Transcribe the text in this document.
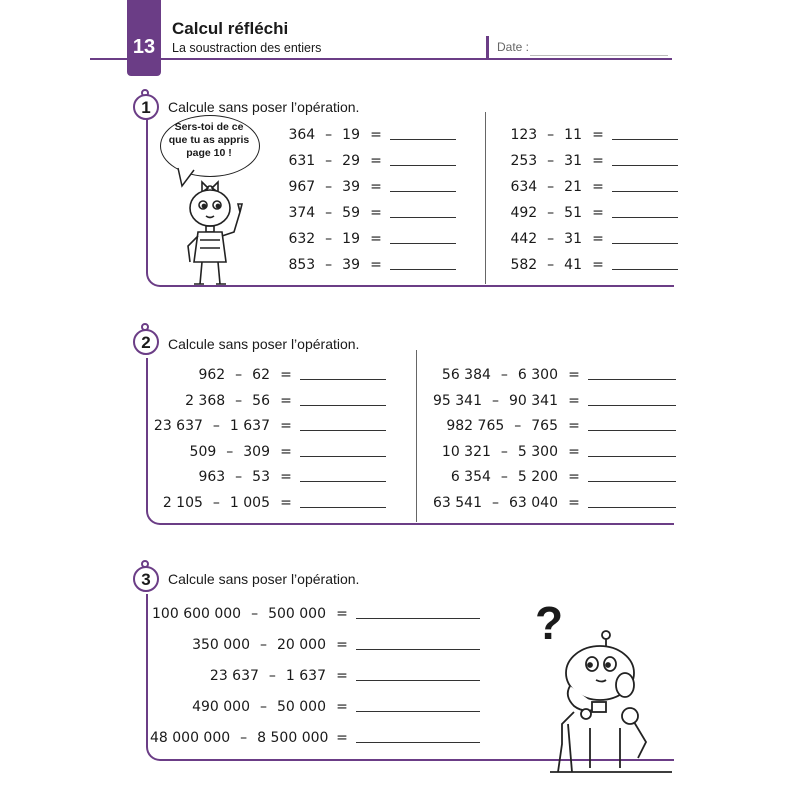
13
Calcul réfléchi
La soustraction des entiers	Date :
1	Calcule sans poser l’opération.
Sers-toi de ce
que tu as appris
page 10 !
364 – 19 =
631 – 29 =
967 – 39 =
374 – 59 =
632 – 19 =
853 – 39 =
123 – 11 =
253 – 31 =
634 – 21 =
492 – 51 =
442 – 31 =
582 – 41 =
2	Calcule sans poser l’opération.
962 – 62 =
2 368 – 56 =
23 637 – 1 637 =
509 – 309 =
963 – 53 =
2 105 – 1 005 =
56 384 – 6 300 =
95 341 – 90 341 =
982 765 – 765 =
10 321 – 5 300 =
6 354 – 5 200 =
63 541 – 63 040 =
3	Calcule sans poser l’opération.
100 600 000 – 500 000 =
350 000 – 20 000 =
23 637 – 1 637 =
490 000 – 50 000 =
48 000 000 – 8 500 000 =
?
